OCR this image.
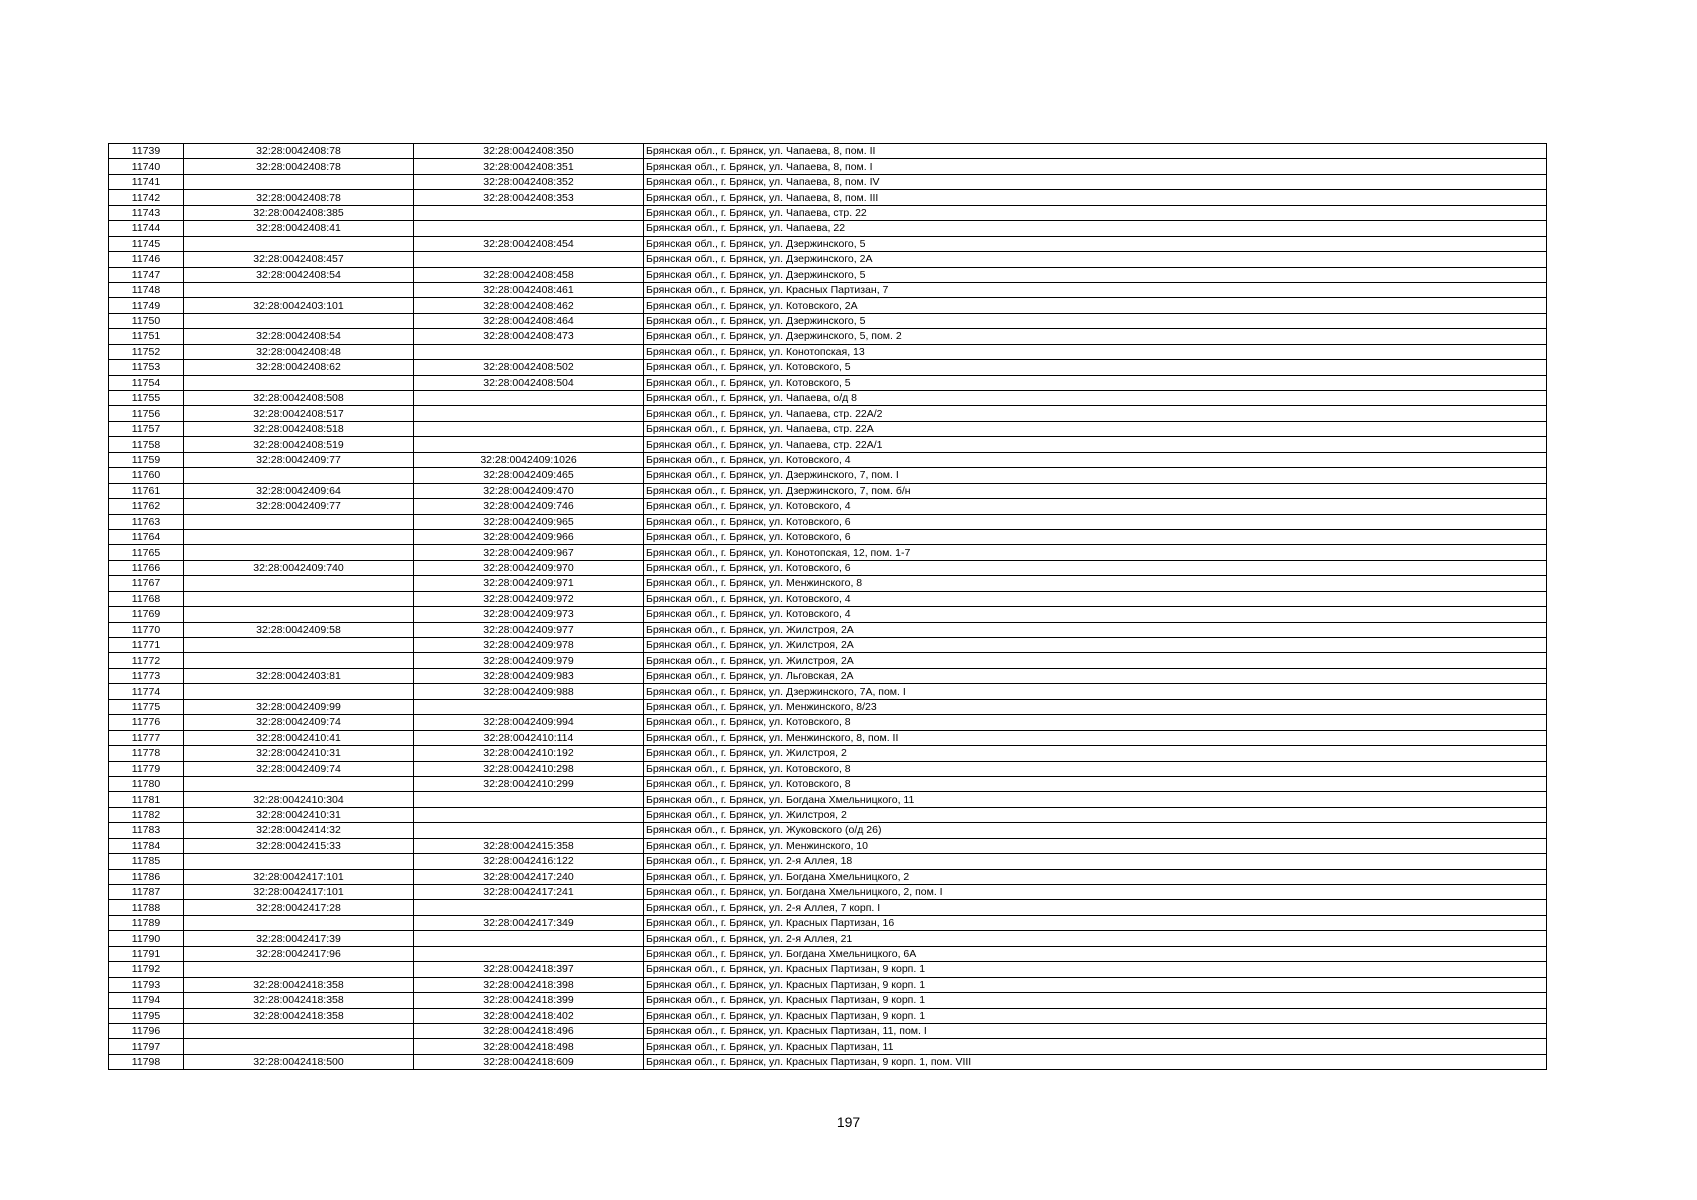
11739	32:28:0042408:78	32:28:0042408:350	Брянская обл., г. Брянск, ул. Чапаева, 8, пом. II
11740	32:28:0042408:78	32:28:0042408:351	Брянская обл., г. Брянск, ул. Чапаева, 8, пом. I
11741		32:28:0042408:352	Брянская обл., г. Брянск, ул. Чапаева, 8, пом. IV
11742	32:28:0042408:78	32:28:0042408:353	Брянская обл., г. Брянск, ул. Чапаева, 8, пом. III
11743	32:28:0042408:385		Брянская обл., г. Брянск, ул. Чапаева, стр. 22
11744	32:28:0042408:41		Брянская обл., г. Брянск, ул. Чапаева, 22
11745		32:28:0042408:454	Брянская обл., г. Брянск, ул. Дзержинского, 5
11746	32:28:0042408:457		Брянская обл., г. Брянск, ул. Дзержинского, 2А
11747	32:28:0042408:54	32:28:0042408:458	Брянская обл., г. Брянск, ул. Дзержинского, 5
11748		32:28:0042408:461	Брянская обл., г. Брянск, ул. Красных Партизан, 7
11749	32:28:0042403:101	32:28:0042408:462	Брянская обл., г. Брянск, ул. Котовского, 2А
11750		32:28:0042408:464	Брянская обл., г. Брянск, ул. Дзержинского, 5
11751	32:28:0042408:54	32:28:0042408:473	Брянская обл., г. Брянск, ул. Дзержинского, 5, пом. 2
11752	32:28:0042408:48		Брянская обл., г. Брянск, ул. Конотопская, 13
11753	32:28:0042408:62	32:28:0042408:502	Брянская обл., г. Брянск, ул. Котовского, 5
11754		32:28:0042408:504	Брянская обл., г. Брянск, ул. Котовского, 5
11755	32:28:0042408:508		Брянская обл., г. Брянск, ул. Чапаева, о/д 8
11756	32:28:0042408:517		Брянская обл., г. Брянск, ул. Чапаева, стр. 22А/2
11757	32:28:0042408:518		Брянская обл., г. Брянск, ул. Чапаева, стр. 22А
11758	32:28:0042408:519		Брянская обл., г. Брянск, ул. Чапаева, стр. 22А/1
11759	32:28:0042409:77	32:28:0042409:1026	Брянская обл., г. Брянск, ул. Котовского, 4
11760		32:28:0042409:465	Брянская обл., г. Брянск, ул. Дзержинского, 7, пом. I
11761	32:28:0042409:64	32:28:0042409:470	Брянская обл., г. Брянск, ул. Дзержинского, 7, пом. б/н
11762	32:28:0042409:77	32:28:0042409:746	Брянская обл., г. Брянск, ул. Котовского, 4
11763		32:28:0042409:965	Брянская обл., г. Брянск, ул. Котовского, 6
11764		32:28:0042409:966	Брянская обл., г. Брянск, ул. Котовского, 6
11765		32:28:0042409:967	Брянская обл., г. Брянск, ул. Конотопская, 12, пом. 1-7
11766	32:28:0042409:740	32:28:0042409:970	Брянская обл., г. Брянск, ул. Котовского, 6
11767		32:28:0042409:971	Брянская обл., г. Брянск, ул. Менжинского, 8
11768		32:28:0042409:972	Брянская обл., г. Брянск, ул. Котовского, 4
11769		32:28:0042409:973	Брянская обл., г. Брянск, ул. Котовского, 4
11770	32:28:0042409:58	32:28:0042409:977	Брянская обл., г. Брянск, ул. Жилстроя, 2А
11771		32:28:0042409:978	Брянская обл., г. Брянск, ул. Жилстроя, 2А
11772		32:28:0042409:979	Брянская обл., г. Брянск, ул. Жилстроя, 2А
11773	32:28:0042403:81	32:28:0042409:983	Брянская обл., г. Брянск, ул. Льговская, 2А
11774		32:28:0042409:988	Брянская обл., г. Брянск, ул. Дзержинского, 7А, пом. I
11775	32:28:0042409:99		Брянская обл., г. Брянск, ул. Менжинского, 8/23
11776	32:28:0042409:74	32:28:0042409:994	Брянская обл., г. Брянск, ул. Котовского, 8
11777	32:28:0042410:41	32:28:0042410:114	Брянская обл., г. Брянск, ул. Менжинского, 8, пом. II
11778	32:28:0042410:31	32:28:0042410:192	Брянская обл., г. Брянск, ул. Жилстроя, 2
11779	32:28:0042409:74	32:28:0042410:298	Брянская обл., г. Брянск, ул. Котовского, 8
11780		32:28:0042410:299	Брянская обл., г. Брянск, ул. Котовского, 8
11781	32:28:0042410:304		Брянская обл., г. Брянск, ул. Богдана Хмельницкого, 11
11782	32:28:0042410:31		Брянская обл., г. Брянск, ул. Жилстроя, 2
11783	32:28:0042414:32		Брянская обл., г. Брянск, ул. Жуковского (о/д 26)
11784	32:28:0042415:33	32:28:0042415:358	Брянская обл., г. Брянск, ул. Менжинского, 10
11785		32:28:0042416:122	Брянская обл., г. Брянск, ул. 2-я Аллея, 18
11786	32:28:0042417:101	32:28:0042417:240	Брянская обл., г. Брянск, ул. Богдана Хмельницкого, 2
11787	32:28:0042417:101	32:28:0042417:241	Брянская обл., г. Брянск, ул. Богдана Хмельницкого, 2, пом. I
11788	32:28:0042417:28		Брянская обл., г. Брянск, ул. 2-я Аллея, 7 корп. I
11789		32:28:0042417:349	Брянская обл., г. Брянск, ул. Красных Партизан, 16
11790	32:28:0042417:39		Брянская обл., г. Брянск, ул. 2-я Аллея, 21
11791	32:28:0042417:96		Брянская обл., г. Брянск, ул. Богдана Хмельницкого, 6А
11792		32:28:0042418:397	Брянская обл., г. Брянск, ул. Красных Партизан, 9 корп. 1
11793	32:28:0042418:358	32:28:0042418:398	Брянская обл., г. Брянск, ул. Красных Партизан, 9 корп. 1
11794	32:28:0042418:358	32:28:0042418:399	Брянская обл., г. Брянск, ул. Красных Партизан, 9 корп. 1
11795	32:28:0042418:358	32:28:0042418:402	Брянская обл., г. Брянск, ул. Красных Партизан, 9 корп. 1
11796		32:28:0042418:496	Брянская обл., г. Брянск, ул. Красных Партизан, 11, пом. I
11797		32:28:0042418:498	Брянская обл., г. Брянск, ул. Красных Партизан, 11
11798	32:28:0042418:500	32:28:0042418:609	Брянская обл., г. Брянск, ул. Красных Партизан, 9 корп. 1, пом. VIII
197
